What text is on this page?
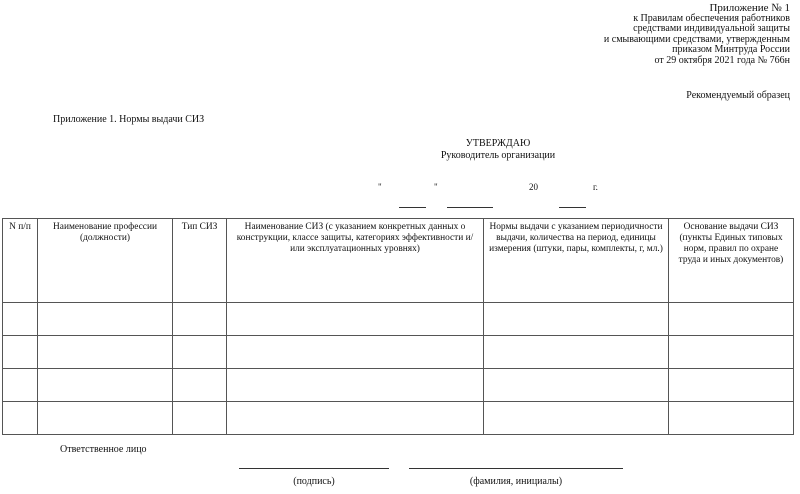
Приложение № 1
к Правилам обеспечения работников
средствами индивидуальной защиты
и смывающими средствами, утвержденным
приказом Минтруда России
от 29 октября 2021 года № 766н
Рекомендуемый образец
Приложение 1. Нормы выдачи СИЗ
УТВЕРЖДАЮ
Руководитель организации
"	"	20	г.
N п/п	Наименование профессии (должности)	Тип СИЗ	Наименование СИЗ (с указанием конкретных данных о конструкции, классе защиты, категориях эффективности и/или эксплуатационных уровнях)	Нормы выдачи с указанием периодичности выдачи, количества на период, единицы измерения (штуки, пары, комплекты, г, мл.)	Основание выдачи СИЗ (пункты Единых типовых норм, правил по охране труда и иных документов)

Ответственное лицо
(подпись)	(фамилия, инициалы)
